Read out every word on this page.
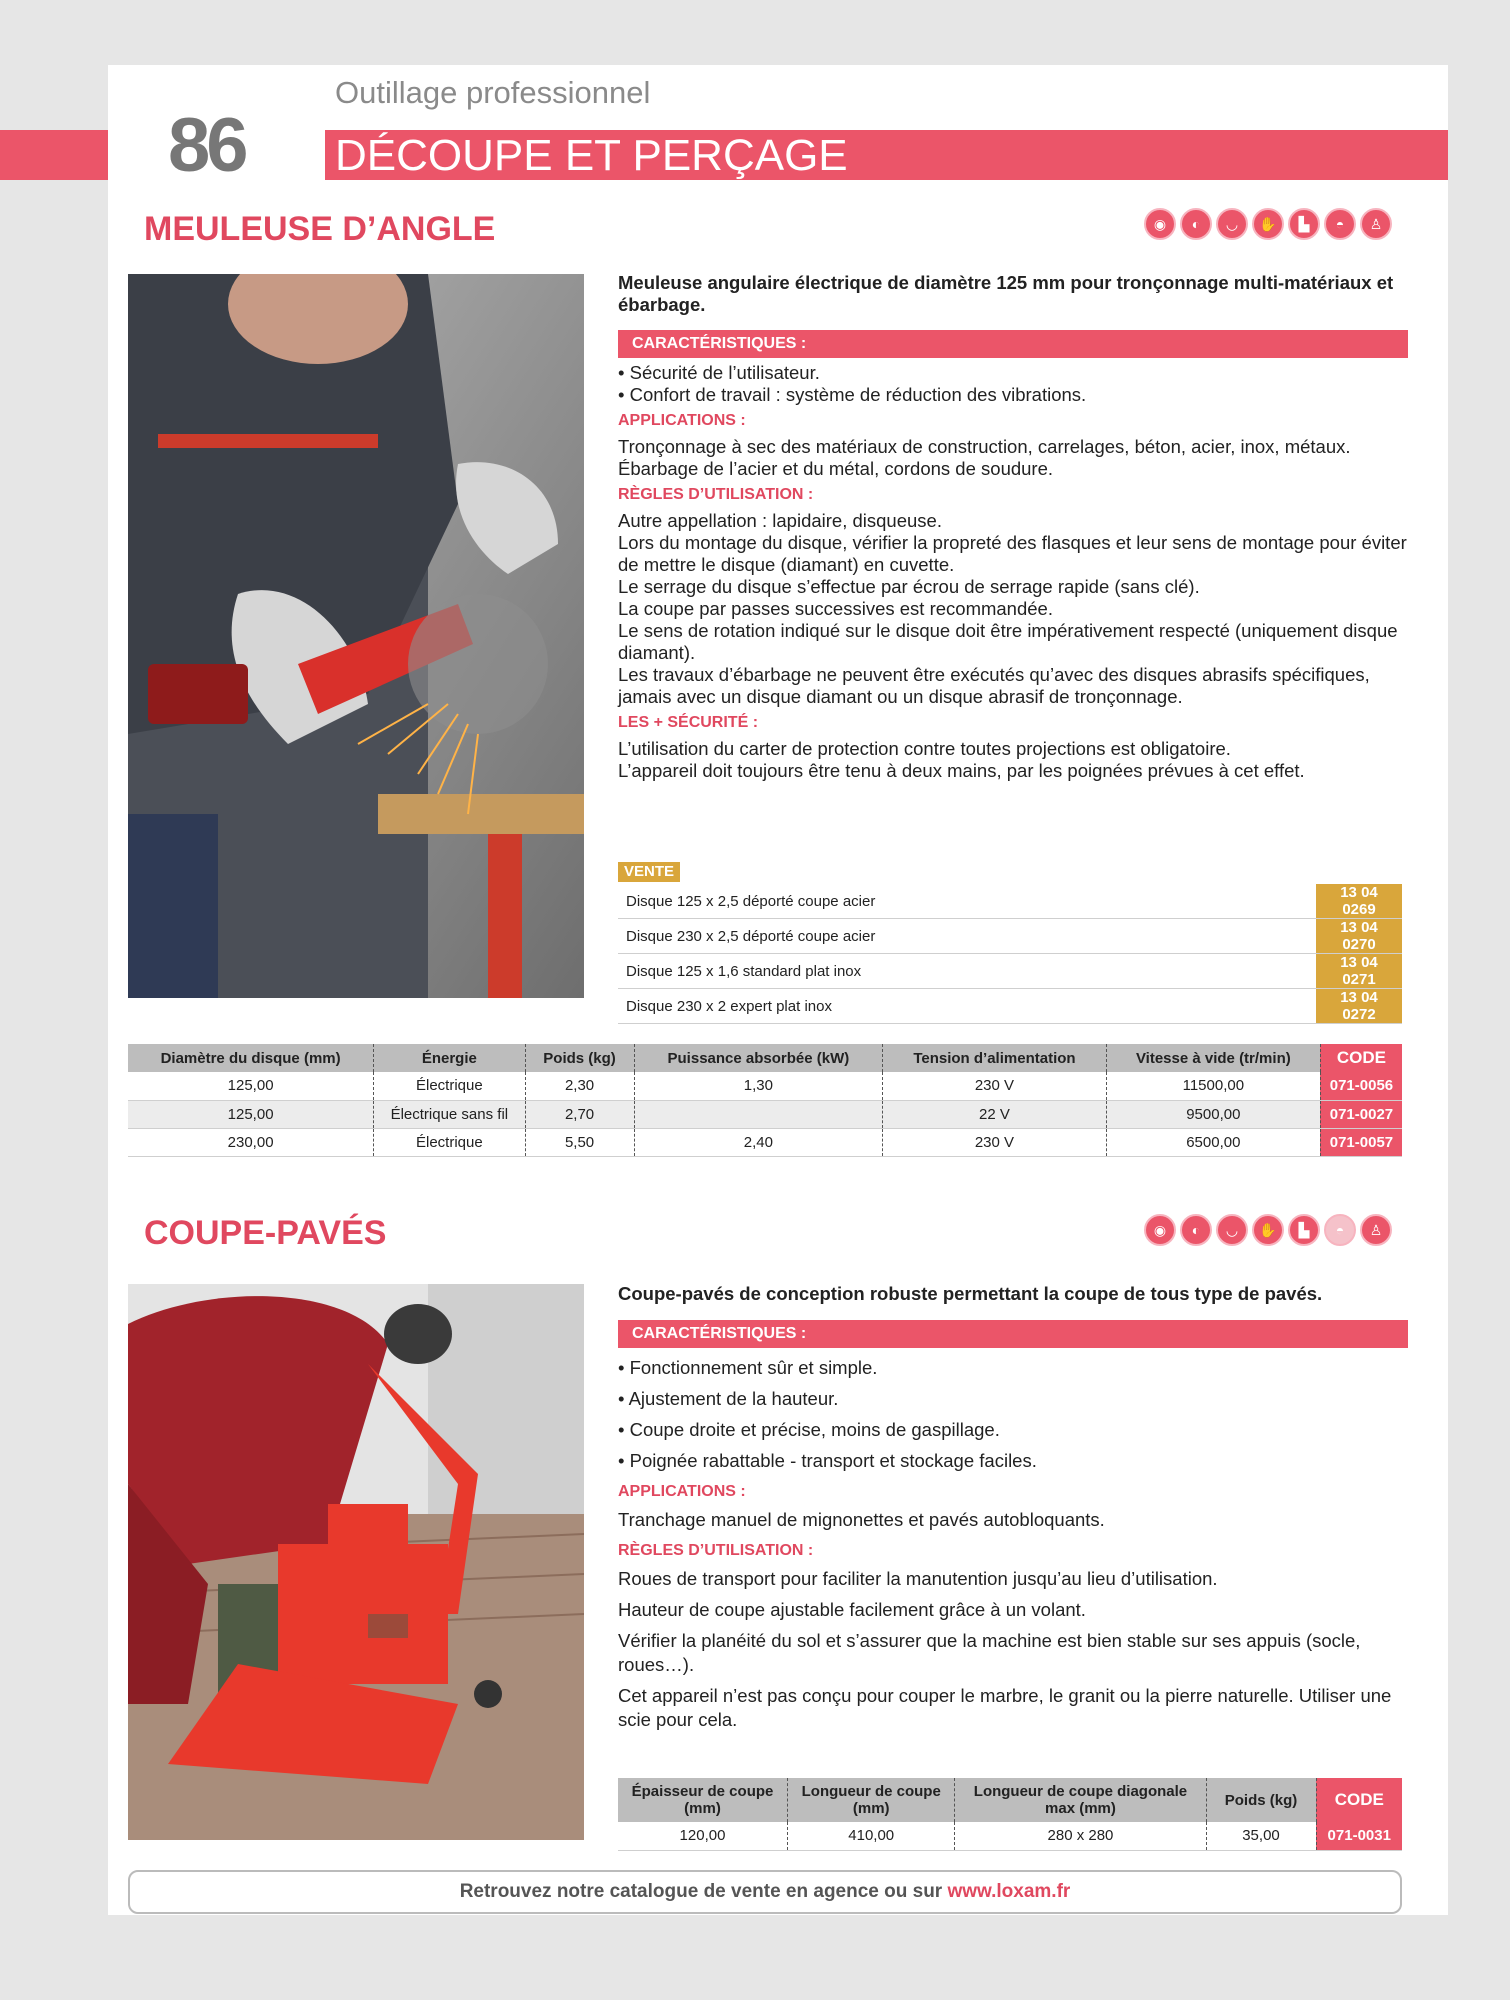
Outillage professionnel
86 DÉCOUPE ET PERÇAGE
MEULEUSE D’ANGLE	◉	◐	◡	✋	▙	◓	♙

Meuleuse angulaire électrique de diamètre 125 mm pour tronçonnage multi-matériaux et ébarbage.

CARACTÉRISTIQUES :

• Sécurité de l’utilisateur.

• Confort de travail : système de réduction des vibrations.

APPLICATIONS :

Tronçonnage à sec des matériaux de construction, carrelages, béton, acier, inox, métaux.

Ébarbage de l’acier et du métal, cordons de soudure.

RÈGLES D’UTILISATION :

Autre appellation : lapidaire, disqueuse.

Lors du montage du disque, vérifier la propreté des flasques et leur sens de montage pour éviter de mettre le disque (diamant) en cuvette.

Le serrage du disque s’effectue par écrou de serrage rapide (sans clé).

La coupe par passes successives est recommandée.

Le sens de rotation indiqué sur le disque doit être impérativement respecté (uniquement disque diamant).

Les travaux d’ébarbage ne peuvent être exécutés qu’avec des disques abrasifs spécifiques, jamais avec un disque diamant ou un disque abrasif de tronçonnage.

LES + SÉCURITÉ :

L’utilisation du carter de protection contre toutes projections est obligatoire.

L’appareil doit toujours être tenu à deux mains, par les poignées prévues à cet effet.

VENTE
Disque 125 x 2,5 déporté coupe acier	13 04 0269
Disque 230 x 2,5 déporté coupe acier	13 04 0270
Disque 125 x 1,6 standard plat inox	13 04 0271
Disque 230 x 2 expert plat inox	13 04 0272
Diamètre du disque (mm)	Énergie	Poids (kg)	Puissance absorbée (kW)	Tension d’alimentation	Vitesse à vide (tr/min)	CODE
125,00	Électrique	2,30	1,30	230 V	11500,00	071-0056
125,00	Électrique sans fil	2,70		22 V	9500,00	071-0027
230,00	Électrique	5,50	2,40	230 V	6500,00	071-0057
COUPE-PAVÉS	◉	◐	◡	✋	▙	◓	♙

Coupe-pavés de conception robuste permettant la coupe de tous type de pavés.

CARACTÉRISTIQUES :

• Fonctionnement sûr et simple.

• Ajustement de la hauteur.

• Coupe droite et précise, moins de gaspillage.

• Poignée rabattable - transport et stockage faciles.

APPLICATIONS :

Tranchage manuel de mignonettes et pavés autobloquants.

RÈGLES D’UTILISATION :

Roues de transport pour faciliter la manutention jusqu’au lieu d’utilisation.

Hauteur de coupe ajustable facilement grâce à un volant.

Vérifier la planéité du sol et s’assurer que la machine est bien stable sur ses appuis (socle, roues…).

Cet appareil n’est pas conçu pour couper le marbre, le granit ou la pierre naturelle. Utiliser une scie pour cela.

Épaisseur de coupe (mm)	Longueur de coupe (mm)	Longueur de coupe diagonale max (mm)	Poids (kg)	CODE
120,00	410,00	280 x 280	35,00	071-0031
Retrouvez notre catalogue de vente en agence ou sur www.loxam.fr
